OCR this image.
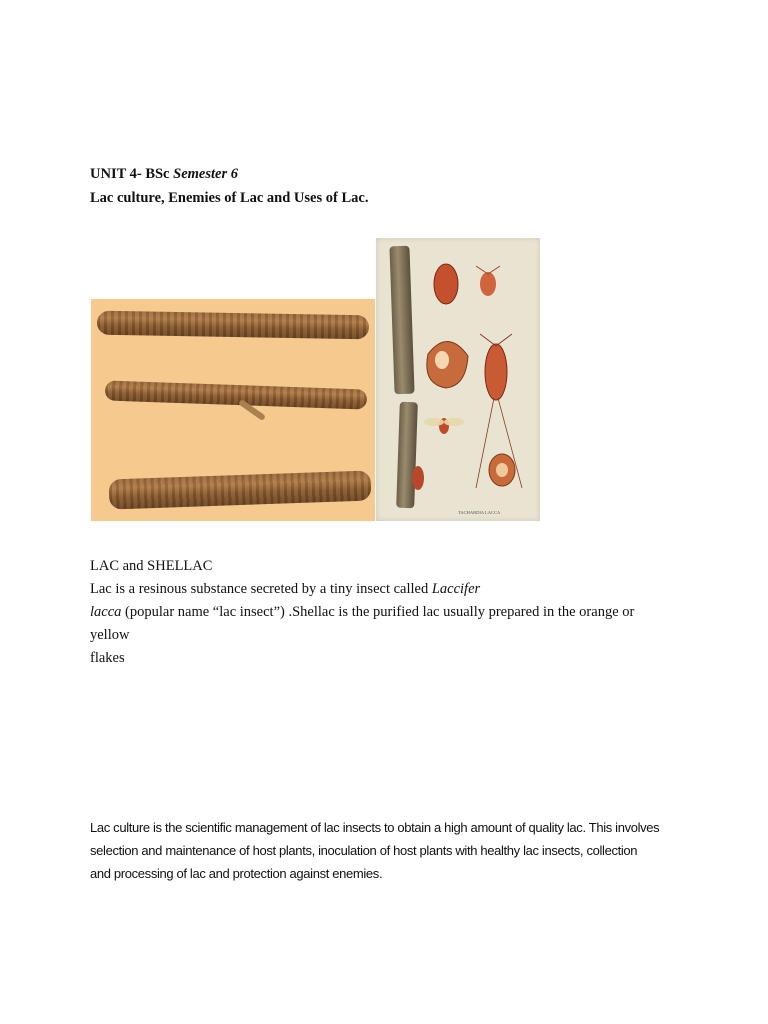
UNIT 4- BSc Semester 6
Lac culture, Enemies of Lac and Uses of Lac.
TACHARDIA LACCA
LAC and SHELLAC
Lac is a resinous substance secreted by a tiny insect called Laccifer
lacca (popular name “lac insect”) .Shellac is the purified lac usually prepared in the orange or
yellow
flakes
Lac culture is the scientific management of lac insects to obtain a high amount of quality lac. This involves
selection and maintenance of host plants, inoculation of host plants with healthy lac insects, collection
and processing of lac and protection against enemies.
